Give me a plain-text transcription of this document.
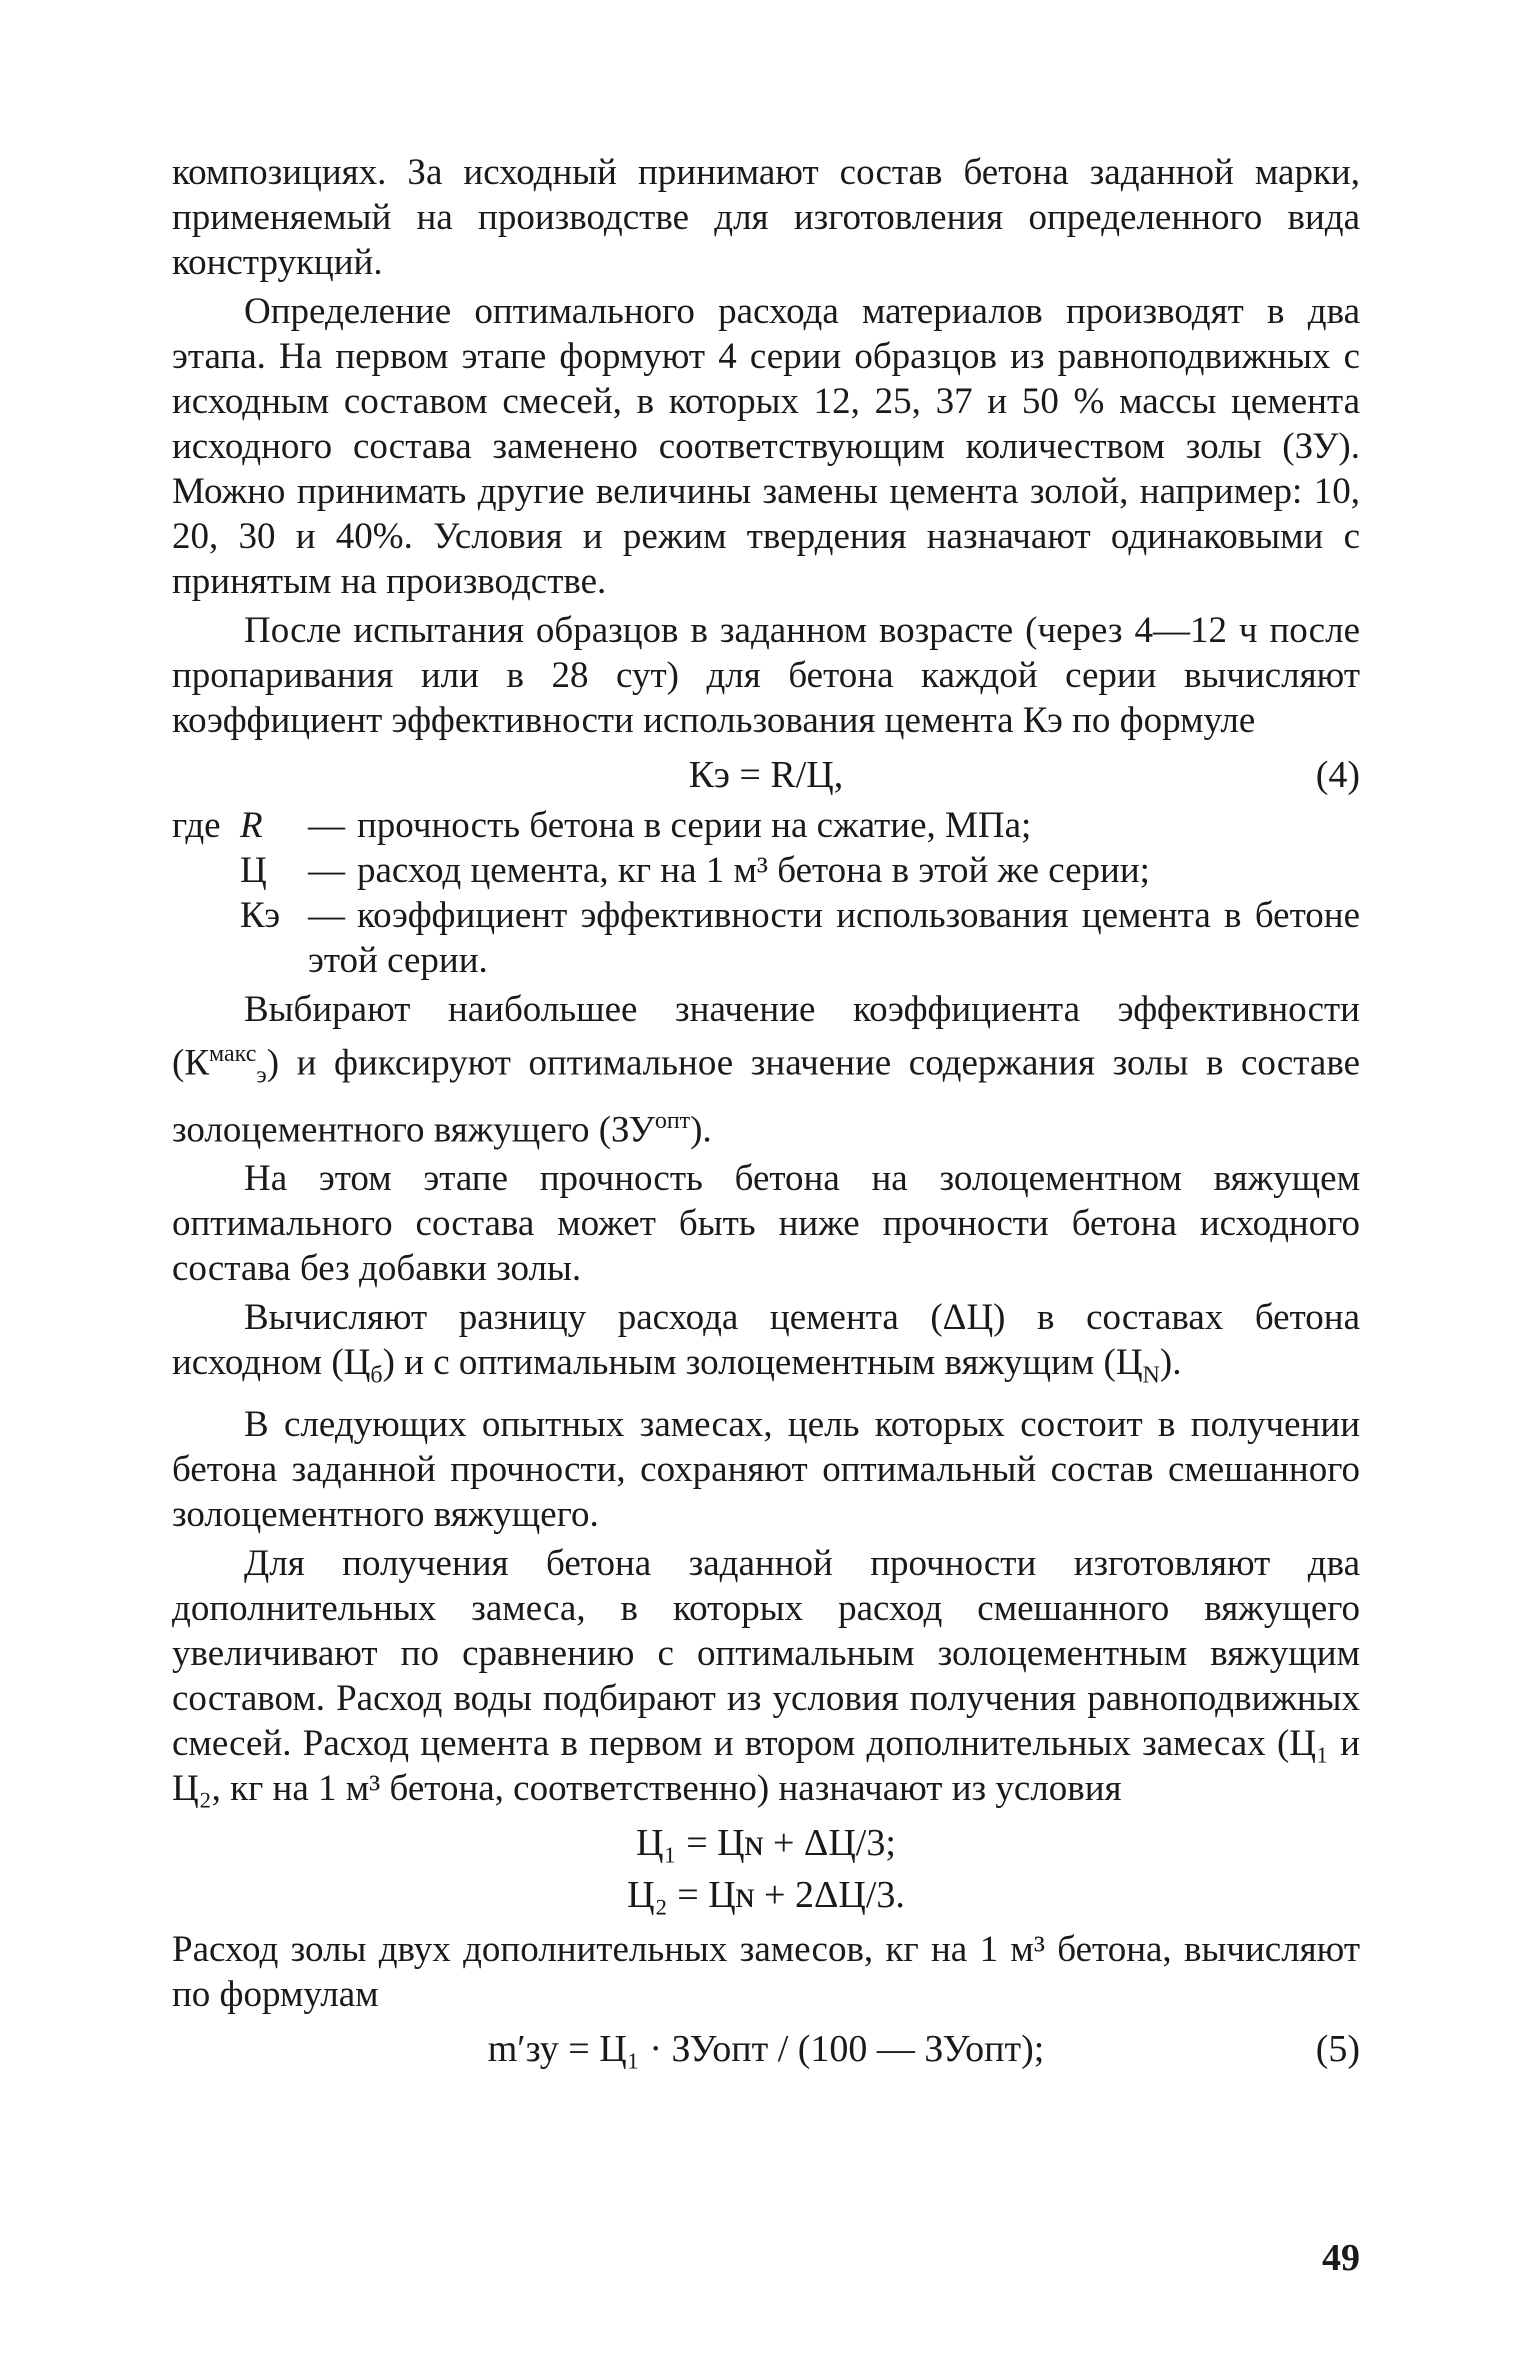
композициях. За исходный принимают состав бетона заданной марки, применяемый на производстве для изготовления определенного вида конструкций.

Определение оптимального расхода материалов производят в два этапа. На первом этапе формуют 4 серии образцов из равноподвижных с исходным составом смесей, в которых 12, 25, 37 и 50 % массы цемента исходного состава заменено соответствующим количеством золы (ЗУ). Можно принимать другие величины замены цемента золой, например: 10, 20, 30 и 40%. Условия и режим твердения назначают одинаковыми с принятым на производстве.

После испытания образцов в заданном возрасте (через 4—12 ч после пропаривания или в 28 сут) для бетона каждой серии вычисляют коэффициент эффективности использования цемента Кэ по формуле

Кэ = R/Ц,	(4)
где R	— прочность бетона в серии на сжатие, МПа;
Ц	— расход цемента, кг на 1 м³ бетона в этой же серии;
Кэ — коэффициент эффективности использования цемента в бетоне этой серии.

Выбирают наибольшее значение коэффициента эффективности $(К^{макс}_э)$ и фиксируют оптимальное значение содержания золы в составе золоцементного вяжущего $(ЗУ^{опт})$.

На этом этапе прочность бетона на золоцементном вяжущем оптимального состава может быть ниже прочности бетона исходного состава без добавки золы.

Вычисляют разницу расхода цемента (ΔЦ) в составах бетона исходном $(Ц_б)$ и с оптимальным золоцементным вяжущим $(Ц_N)$.

В следующих опытных замесах, цель которых состоит в получении бетона заданной прочности, сохраняют оптимальный состав смешанного золоцементного вяжущего.

Для получения бетона заданной прочности изготовляют два дополнительных замеса, в которых расход смешанного вяжущего увеличивают по сравнению с оптимальным золоцементным вяжущим составом. Расход воды подбирают из условия получения равноподвижных смесей. Расход цемента в первом и втором дополнительных замесах (Ц₁ и Ц₂, кг на 1 м³ бетона, соответственно) назначают из условия

Ц₁ = Цɴ + ΔЦ/3;
Ц₂ = Цɴ + 2ΔЦ/3.

Расход золы двух дополнительных замесов, кг на 1 м³ бетона, вычисляют по формулам

m′зу = Ц₁ · ЗУопт / (100 — ЗУопт);	(5)
49
